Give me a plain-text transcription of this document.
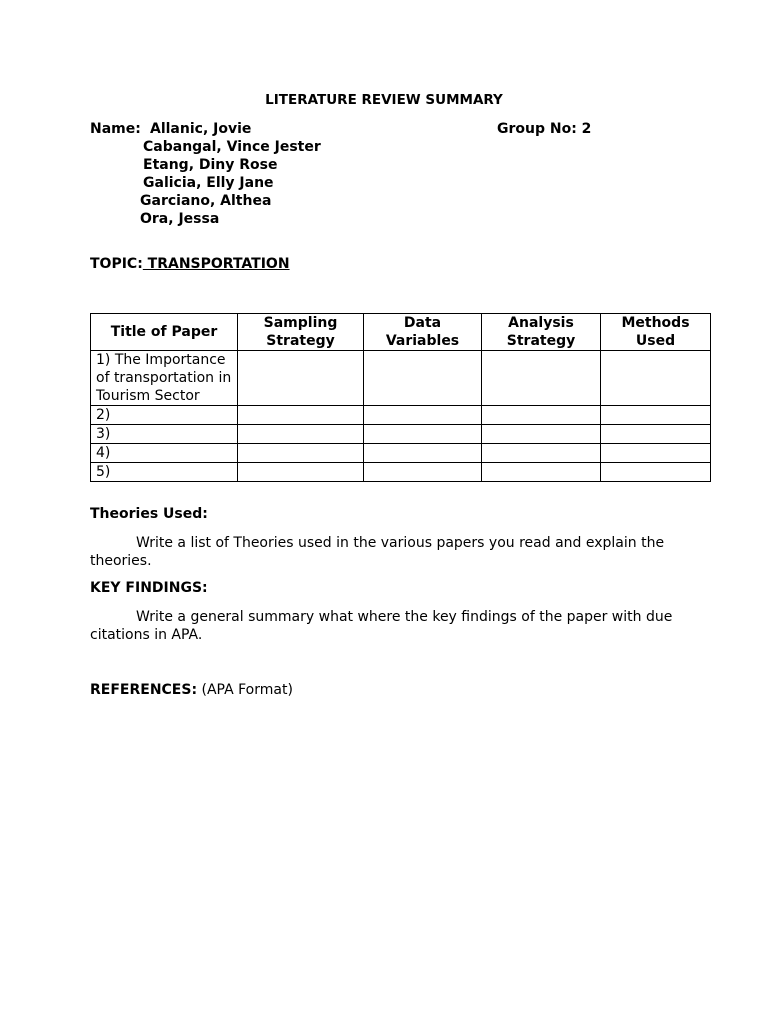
LITERATURE REVIEW SUMMARY
Name: Allanic, Jovie
Cabangal, Vince Jester
Etang, Diny Rose
Galicia, Elly Jane
Garciano, Althea
Ora, Jessa
Group No: 2
TOPIC: TRANSPORTATION
Title of Paper	Sampling Strategy	Data Variables	Analysis Strategy	Methods Used
1) The Importance of transportation in Tourism Sector				
2)				
3)				
4)				
5)				
Theories Used:
Write a list of Theories used in the various papers you read and explain the theories.
KEY FINDINGS:
Write a general summary what where the key findings of the paper with due citations in APA.
REFERENCES: (APA Format)
